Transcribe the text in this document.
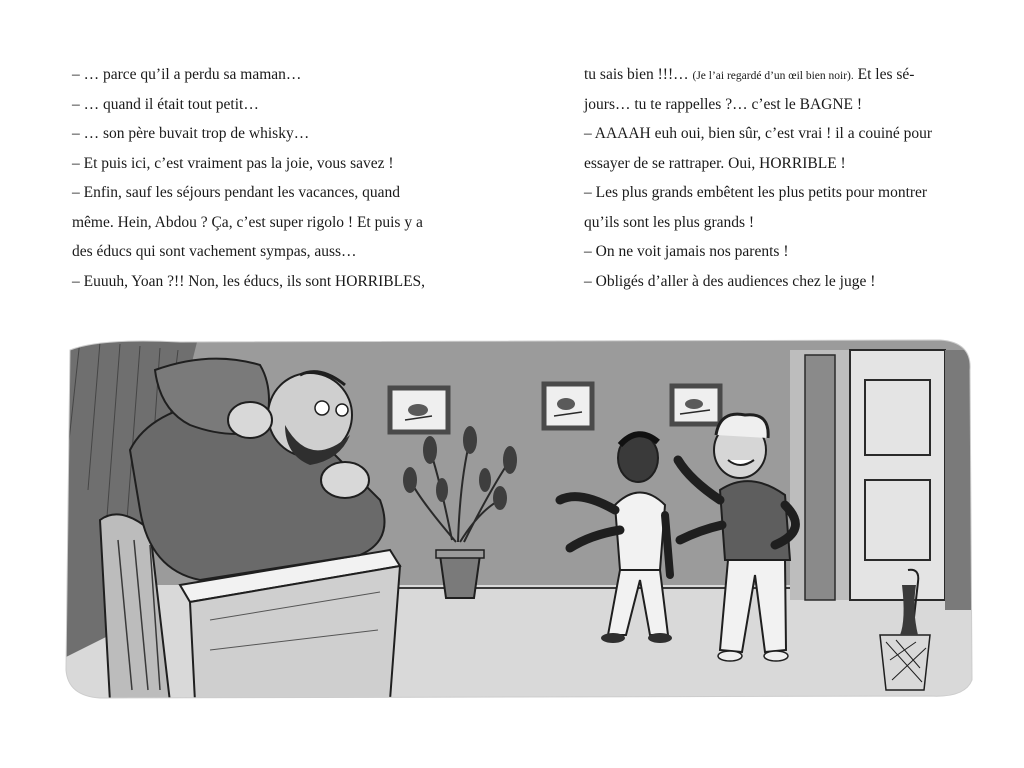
– … parce qu’il a perdu sa maman…
– … quand il était tout petit…
– … son père buvait trop de whisky…
– Et puis ici, c’est vraiment pas la joie, vous savez !
– Enfin, sauf les séjours pendant les vacances, quand
même. Hein, Abdou ? Ça, c’est super rigolo ! Et puis y a
des éducs qui sont vachement sympas, auss…
– Euuuh, Yoan ?!! Non, les éducs, ils sont HORRIBLES,
tu sais bien !!!… (Je l’ai regardé d’un œil bien noir). Et les sé-
jours… tu te rappelles ?… c’est le BAGNE !
– AAAAH euh oui, bien sûr, c’est vrai ! il a couiné pour
essayer de se rattraper. Oui, HORRIBLE !
– Les plus grands embêtent les plus petits pour montrer
qu’ils sont les plus grands !
– On ne voit jamais nos parents !
– Obligés d’aller à des audiences chez le juge !
